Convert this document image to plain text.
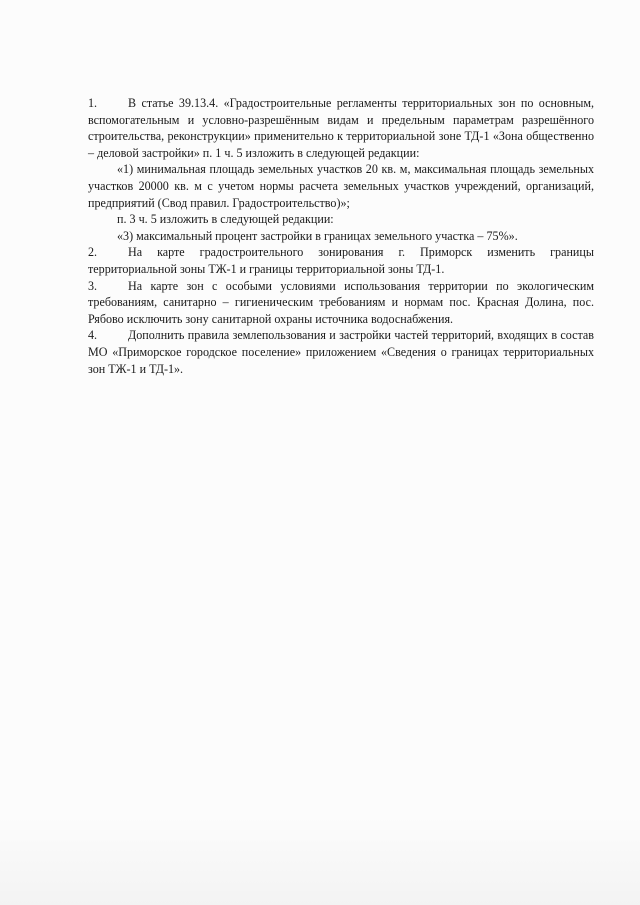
1.	В статье 39.13.4. «Градостроительные регламенты территориальных зон по основным, вспомогательным и условно-разрешённым видам и предельным параметрам разрешённого строительства, реконструкции» применительно к территориальной зоне ТД-1 «Зона общественно – деловой застройки» п. 1 ч. 5 изложить в следующей редакции:

«1) минимальная площадь земельных участков 20 кв. м, максимальная площадь земельных участков 20000 кв. м с учетом нормы расчета земельных участков учреждений, организаций, предприятий (Свод правил. Градостроительство)»;

п. 3 ч. 5 изложить в следующей редакции:

«3) максимальный процент застройки в границах земельного участка – 75%».

2.	На карте градостроительного зонирования г. Приморск изменить границы территориальной зоны ТЖ-1 и границы территориальной зоны ТД-1.

3.	На карте зон с особыми условиями использования территории по экологическим требованиям, санитарно – гигиеническим требованиям и нормам пос. Красная Долина, пос. Рябово исключить зону санитарной охраны источника водоснабжения.

4.	Дополнить правила землепользования и застройки частей территорий, входящих в состав МО «Приморское городское поселение» приложением «Сведения о границах территориальных зон ТЖ-1 и ТД-1».
